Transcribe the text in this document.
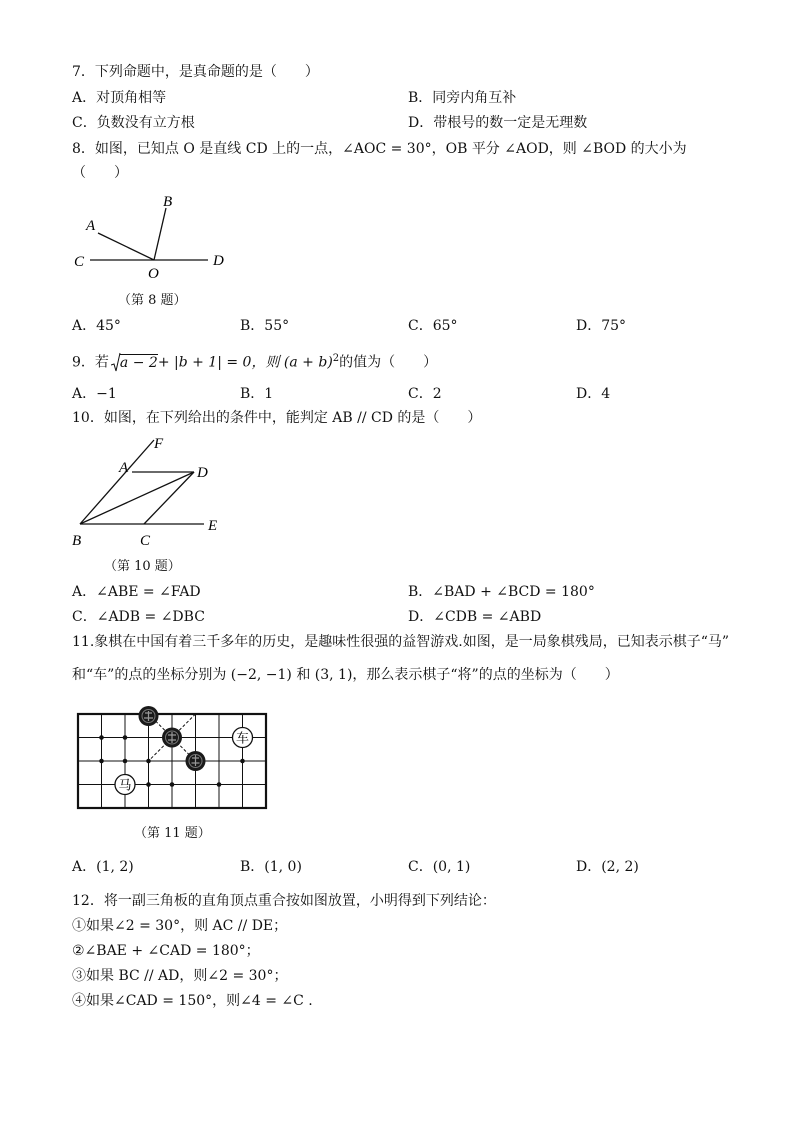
7．下列命题中，是真命题的是（　　）
A．对顶角相等	B．同旁内角互补
C．负数没有立方根	D．带根号的数一定是无理数
8．如图，已知点 O 是直线 CD 上的一点，∠AOC = 30°，OB 平分 ∠AOD，则 ∠BOD 的大小为
（　　）
A
B
C
O
D
（第 8 题）
A．45°	B．55°	C．65°	D．75°
9．若 a − 2+ |b + 1| = 0，则 $(a + b)^2$的值为（　　）
A．−1	B．1	C．2	D．4
10．如图，在下列给出的条件中，能判定 AB // CD 的是（　　）
F
A	D
B	C
E
（第 10 题）
A．∠ABE = ∠FAD	B．∠BAD + ∠BCD = 180°
C．∠ADB = ∠DBC	D．∠CDB = ∠ABD
11.象棋在中国有着三千多年的历史，是趣味性很强的益智游戏.如图，是一局象棋残局，已知表示棋子“马”
和“车”的点的坐标分别为 (−2, −1) 和 (3, 1)，那么表示棋子“将”的点的坐标为（　　）
车
马
（第 11 题）
A．(1, 2)	B．(1, 0)	C．(0, 1)	D．(2, 2)
12．将一副三角板的直角顶点重合按如图放置，小明得到下列结论：
①如果∠2 = 30°，则 AC // DE；
②∠BAE + ∠CAD = 180°；
③如果 BC // AD，则∠2 = 30°；
④如果∠CAD = 150°，则∠4 = ∠C .
